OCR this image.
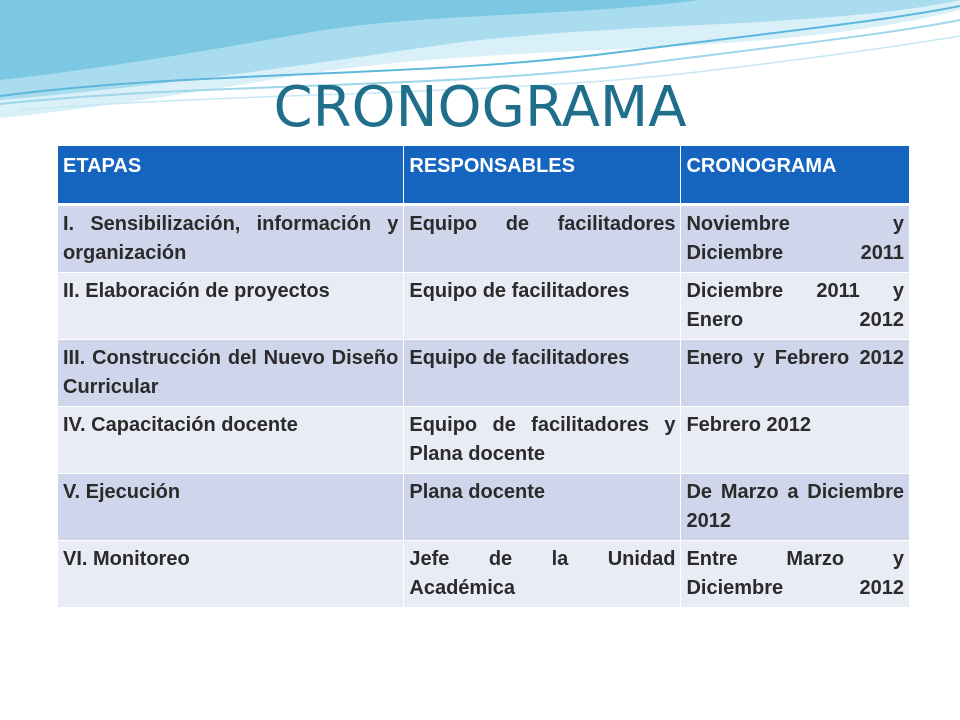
CRONOGRAMA
ETAPAS	RESPONSABLES	CRONOGRAMA
I. Sensibilización, información y organización	Equipo de facilitadores	Noviembre y Diciembre 2011
II. Elaboración de proyectos	Equipo de facilitadores	Diciembre 2011 y Enero 2012
III. Construcción del Nuevo Diseño Curricular	Equipo de facilitadores	Enero y Febrero 2012
IV. Capacitación docente	Equipo de facilitadores y Plana docente	Febrero 2012
V. Ejecución	Plana docente	De Marzo a Diciembre 2012
VI. Monitoreo	Jefe de la Unidad Académica	Entre Marzo y Diciembre 2012
